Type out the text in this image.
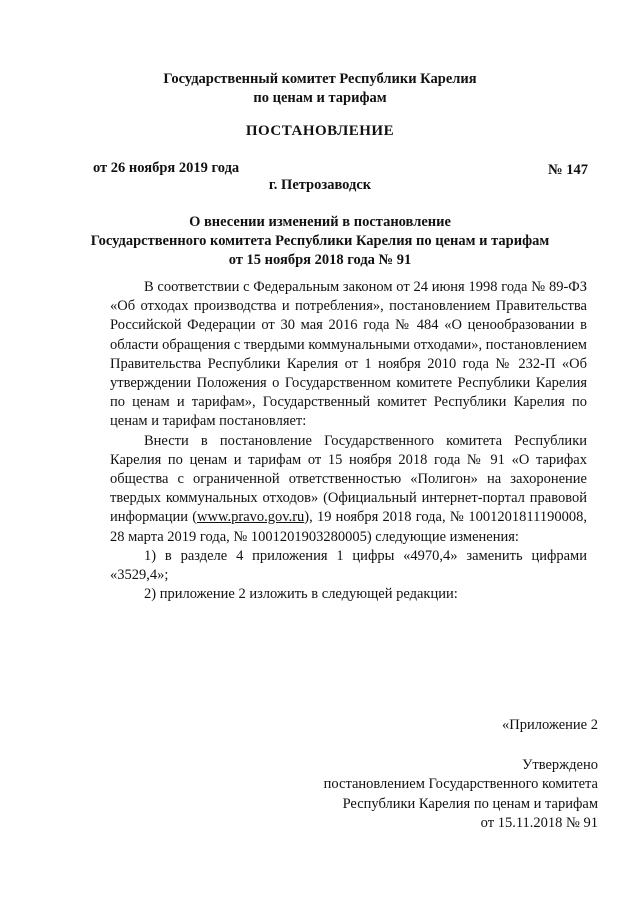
Государственный комитет Республики Карелия
по ценам и тарифам
ПОСТАНОВЛЕНИЕ
от 26 ноября 2019 года	№ 147
г. Петрозаводск
О внесении изменений в постановление
Государственного комитета Республики Карелия по ценам и тарифам
от 15 ноября 2018 года № 91

В соответствии с Федеральным законом от 24 июня 1998 года № 89-ФЗ «Об отходах производства и потребления», постановлением Правительства Российской Федерации от 30 мая 2016 года № 484 «О ценообразовании в области обращения с твердыми коммунальными отходами», постановлением Правительства Республики Карелия от 1 ноября 2010 года № 232-П «Об утверждении Положения о Государственном комитете Республики Карелия по ценам и тарифам», Государственный комитет Республики Карелия по ценам и тарифам постановляет:

Внести в постановление Государственного комитета Республики Карелия по ценам и тарифам от 15 ноября 2018 года № 91 «О тарифах общества с ограниченной ответственностью «Полигон» на захоронение твердых коммунальных отходов» (Официальный интернет-портал правовой информации (www.pravo.gov.ru), 19 ноября 2018 года, № 1001201811190008, 28 марта 2019 года, № 1001201903280005) следующие изменения:

1) в разделе 4 приложения 1 цифры «4970,4» заменить цифрами «3529,4»;

2) приложение 2 изложить в следующей редакции:

«Приложение 2
Утверждено
постановлением Государственного комитета
Республики Карелия по ценам и тарифам
от 15.11.2018 № 91
